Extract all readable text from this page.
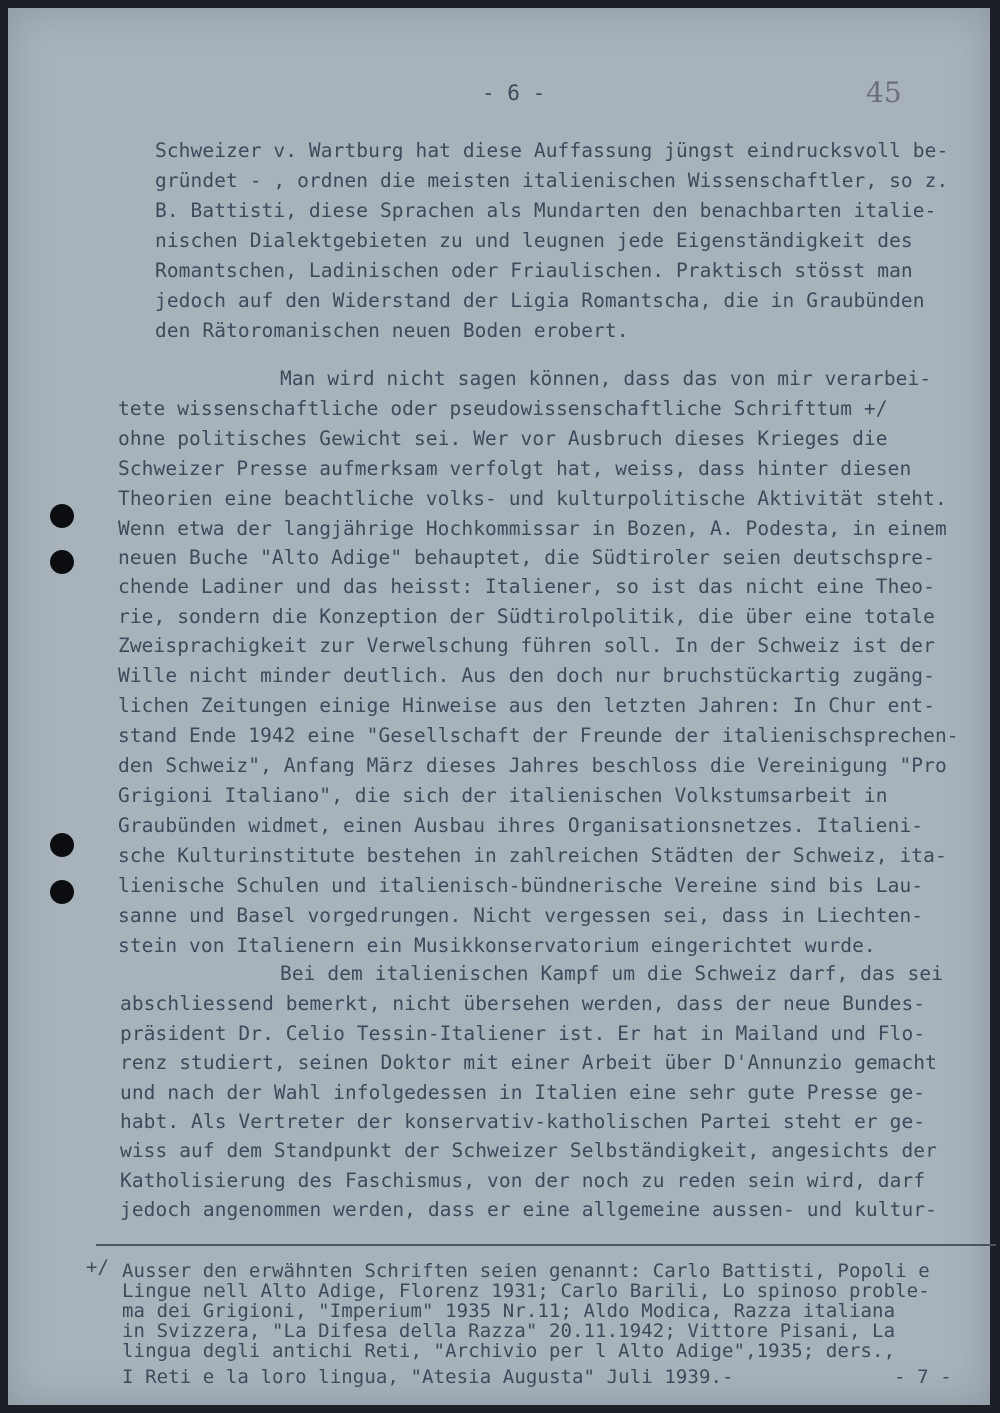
- 6 -	45
Schweizer v. Wartburg hat diese Auffassung jüngst eindrucksvoll be-
gründet - , ordnen die meisten italienischen Wissenschaftler, so z.
B. Battisti, diese Sprachen als Mundarten den benachbarten italie-
nischen Dialektgebieten zu und leugnen jede Eigenständigkeit des
Romantschen, Ladinischen oder Friaulischen. Praktisch stösst man
jedoch auf den Widerstand der Ligia Romantscha, die in Graubünden
den Rätoromanischen neuen Boden erobert.
Man wird nicht sagen können, dass das von mir verarbei-
tete wissenschaftliche oder pseudowissenschaftliche Schrifttum +/
ohne politisches Gewicht sei. Wer vor Ausbruch dieses Krieges die
Schweizer Presse aufmerksam verfolgt hat, weiss, dass hinter diesen
Theorien eine beachtliche volks- und kulturpolitische Aktivität steht.
Wenn etwa der langjährige Hochkommissar in Bozen, A. Podesta, in einem
neuen Buche "Alto Adige" behauptet, die Südtiroler seien deutschspre-
chende Ladiner und das heisst: Italiener, so ist das nicht eine Theo-
rie, sondern die Konzeption der Südtirolpolitik, die über eine totale
Zweisprachigkeit zur Verwelschung führen soll. In der Schweiz ist der
Wille nicht minder deutlich. Aus den doch nur bruchstückartig zugäng-
lichen Zeitungen einige Hinweise aus den letzten Jahren: In Chur ent-
stand Ende 1942 eine "Gesellschaft der Freunde der italienischsprechen-
den Schweiz", Anfang März dieses Jahres beschloss die Vereinigung "Pro
Grigioni Italiano", die sich der italienischen Volkstumsarbeit in
Graubünden widmet, einen Ausbau ihres Organisationsnetzes. Italieni-
sche Kulturinstitute bestehen in zahlreichen Städten der Schweiz, ita-
lienische Schulen und italienisch-bündnerische Vereine sind bis Lau-
sanne und Basel vorgedrungen. Nicht vergessen sei, dass in Liechten-
stein von Italienern ein Musikkonservatorium eingerichtet wurde.
Bei dem italienischen Kampf um die Schweiz darf, das sei
abschliessend bemerkt, nicht übersehen werden, dass der neue Bundes-
präsident Dr. Celio Tessin-Italiener ist. Er hat in Mailand und Flo-
renz studiert, seinen Doktor mit einer Arbeit über D'Annunzio gemacht
und nach der Wahl infolgedessen in Italien eine sehr gute Presse ge-
habt. Als Vertreter der konservativ-katholischen Partei steht er ge-
wiss auf dem Standpunkt der Schweizer Selbständigkeit, angesichts der
Katholisierung des Faschismus, von der noch zu reden sein wird, darf
jedoch angenommen werden, dass er eine allgemeine aussen- und kultur-
+/ Ausser den erwähnten Schriften seien genannt: Carlo Battisti, Popoli e
Lingue nell Alto Adige, Florenz 1931; Carlo Barili, Lo spinoso proble-
ma dei Grigioni, "Imperium" 1935 Nr.11; Aldo Modica, Razza italiana
in Svizzera, "La Difesa della Razza" 20.11.1942; Vittore Pisani, La
lingua degli antichi Reti, "Archivio per l Alto Adige",1935; ders.,
I Reti e la loro lingua, "Atesia Augusta" Juli 1939.-	- 7 -
